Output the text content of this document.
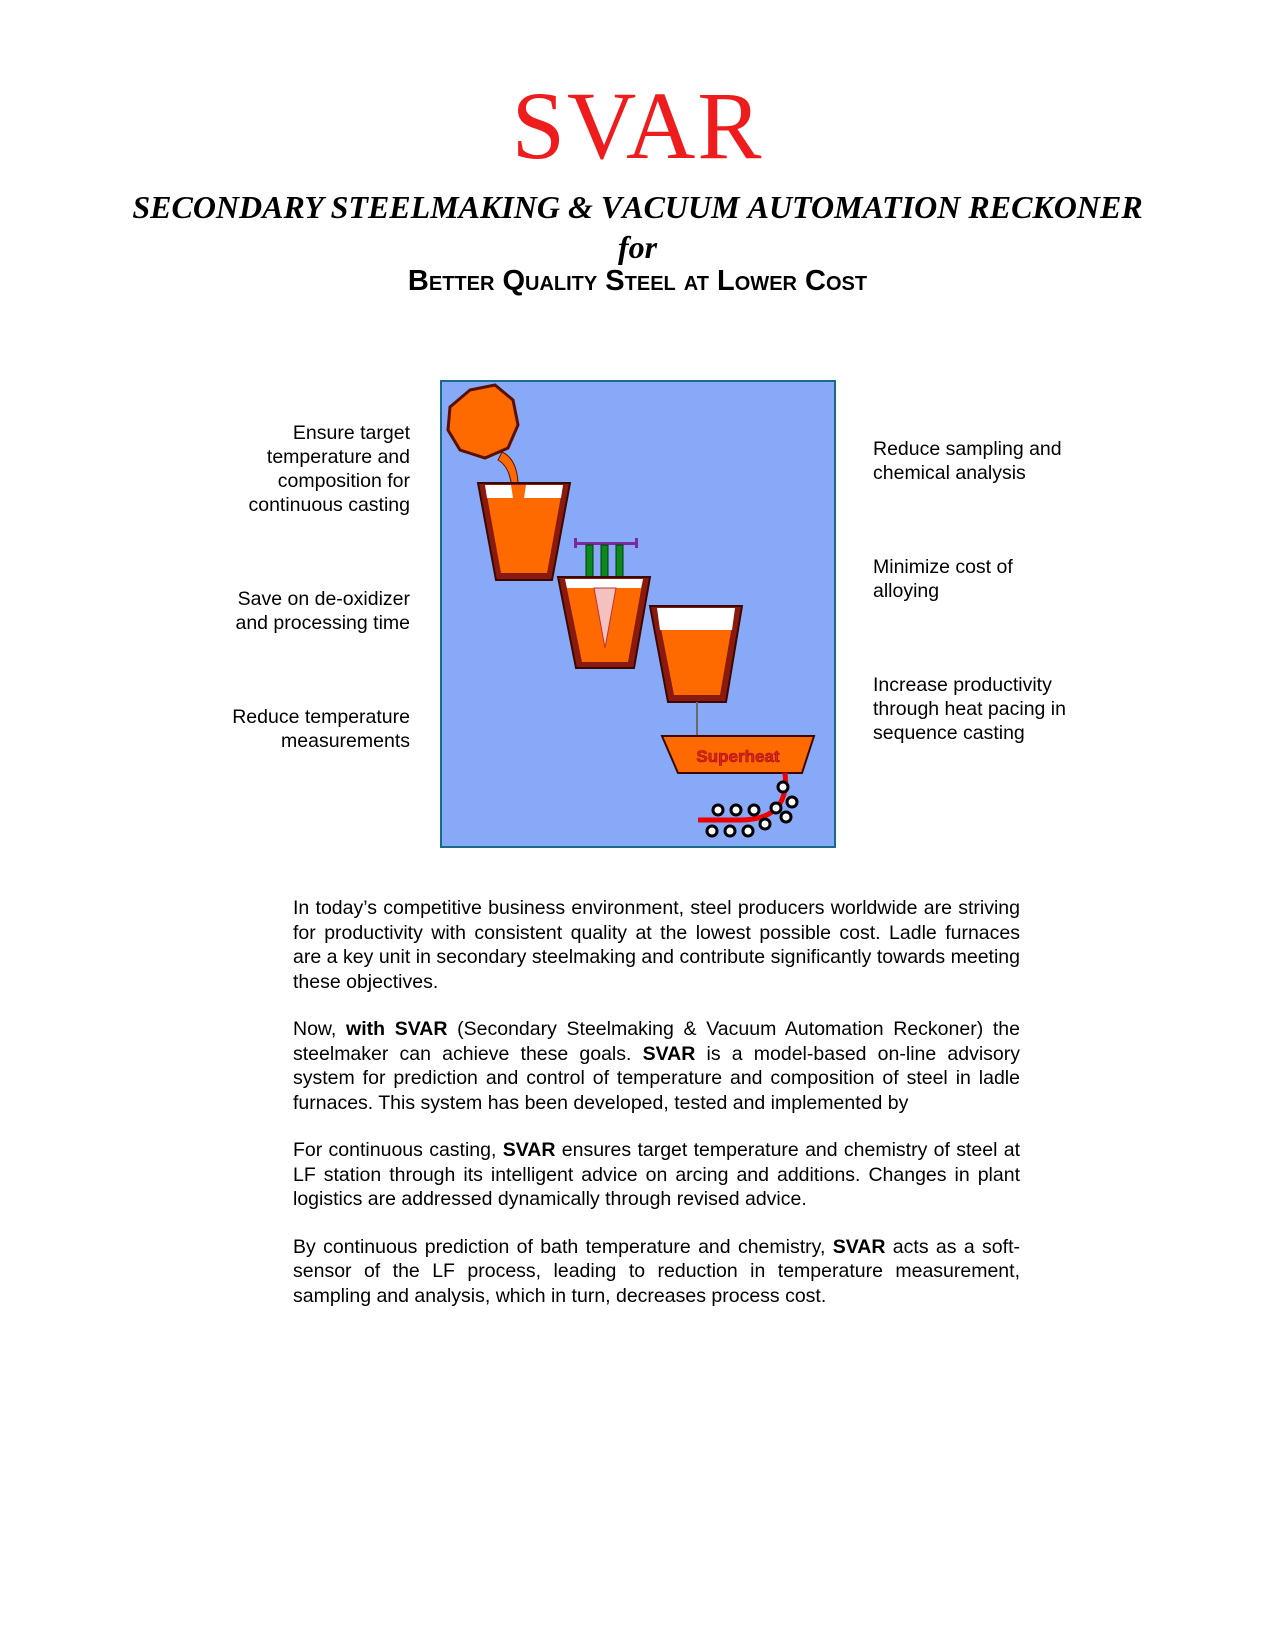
SVAR
SECONDARY STEELMAKING & VACUUM AUTOMATION RECKONER
for
Better Quality Steel at Lower Cost
Ensure target
temperature and
composition for
continuous casting
Save on de-oxidizer
and processing time
Reduce temperature
measurements
Reduce sampling and
chemical analysis
Minimize cost of
alloying
Increase productivity
through heat pacing in
sequence casting
Superheat

In today’s competitive business environment, steel producers worldwide are striving for productivity with consistent quality at the lowest possible cost. Ladle furnaces are a key unit in secondary steelmaking and contribute significantly towards meeting these objectives.

Now, with SVAR (Secondary Steelmaking & Vacuum Automation Reckoner) the steelmaker can achieve these goals. SVAR is a model-based on-line advisory system for prediction and control of temperature and composition of steel in ladle furnaces. This system has been developed, tested and implemented by

For continuous casting, SVAR ensures target temperature and chemistry of steel at LF station through its intelligent advice on arcing and additions. Changes in plant logistics are addressed dynamically through revised advice.

By continuous prediction of bath temperature and chemistry, SVAR acts as a soft-sensor of the LF process, leading to reduction in temperature measurement, sampling and analysis, which in turn, decreases process cost.
